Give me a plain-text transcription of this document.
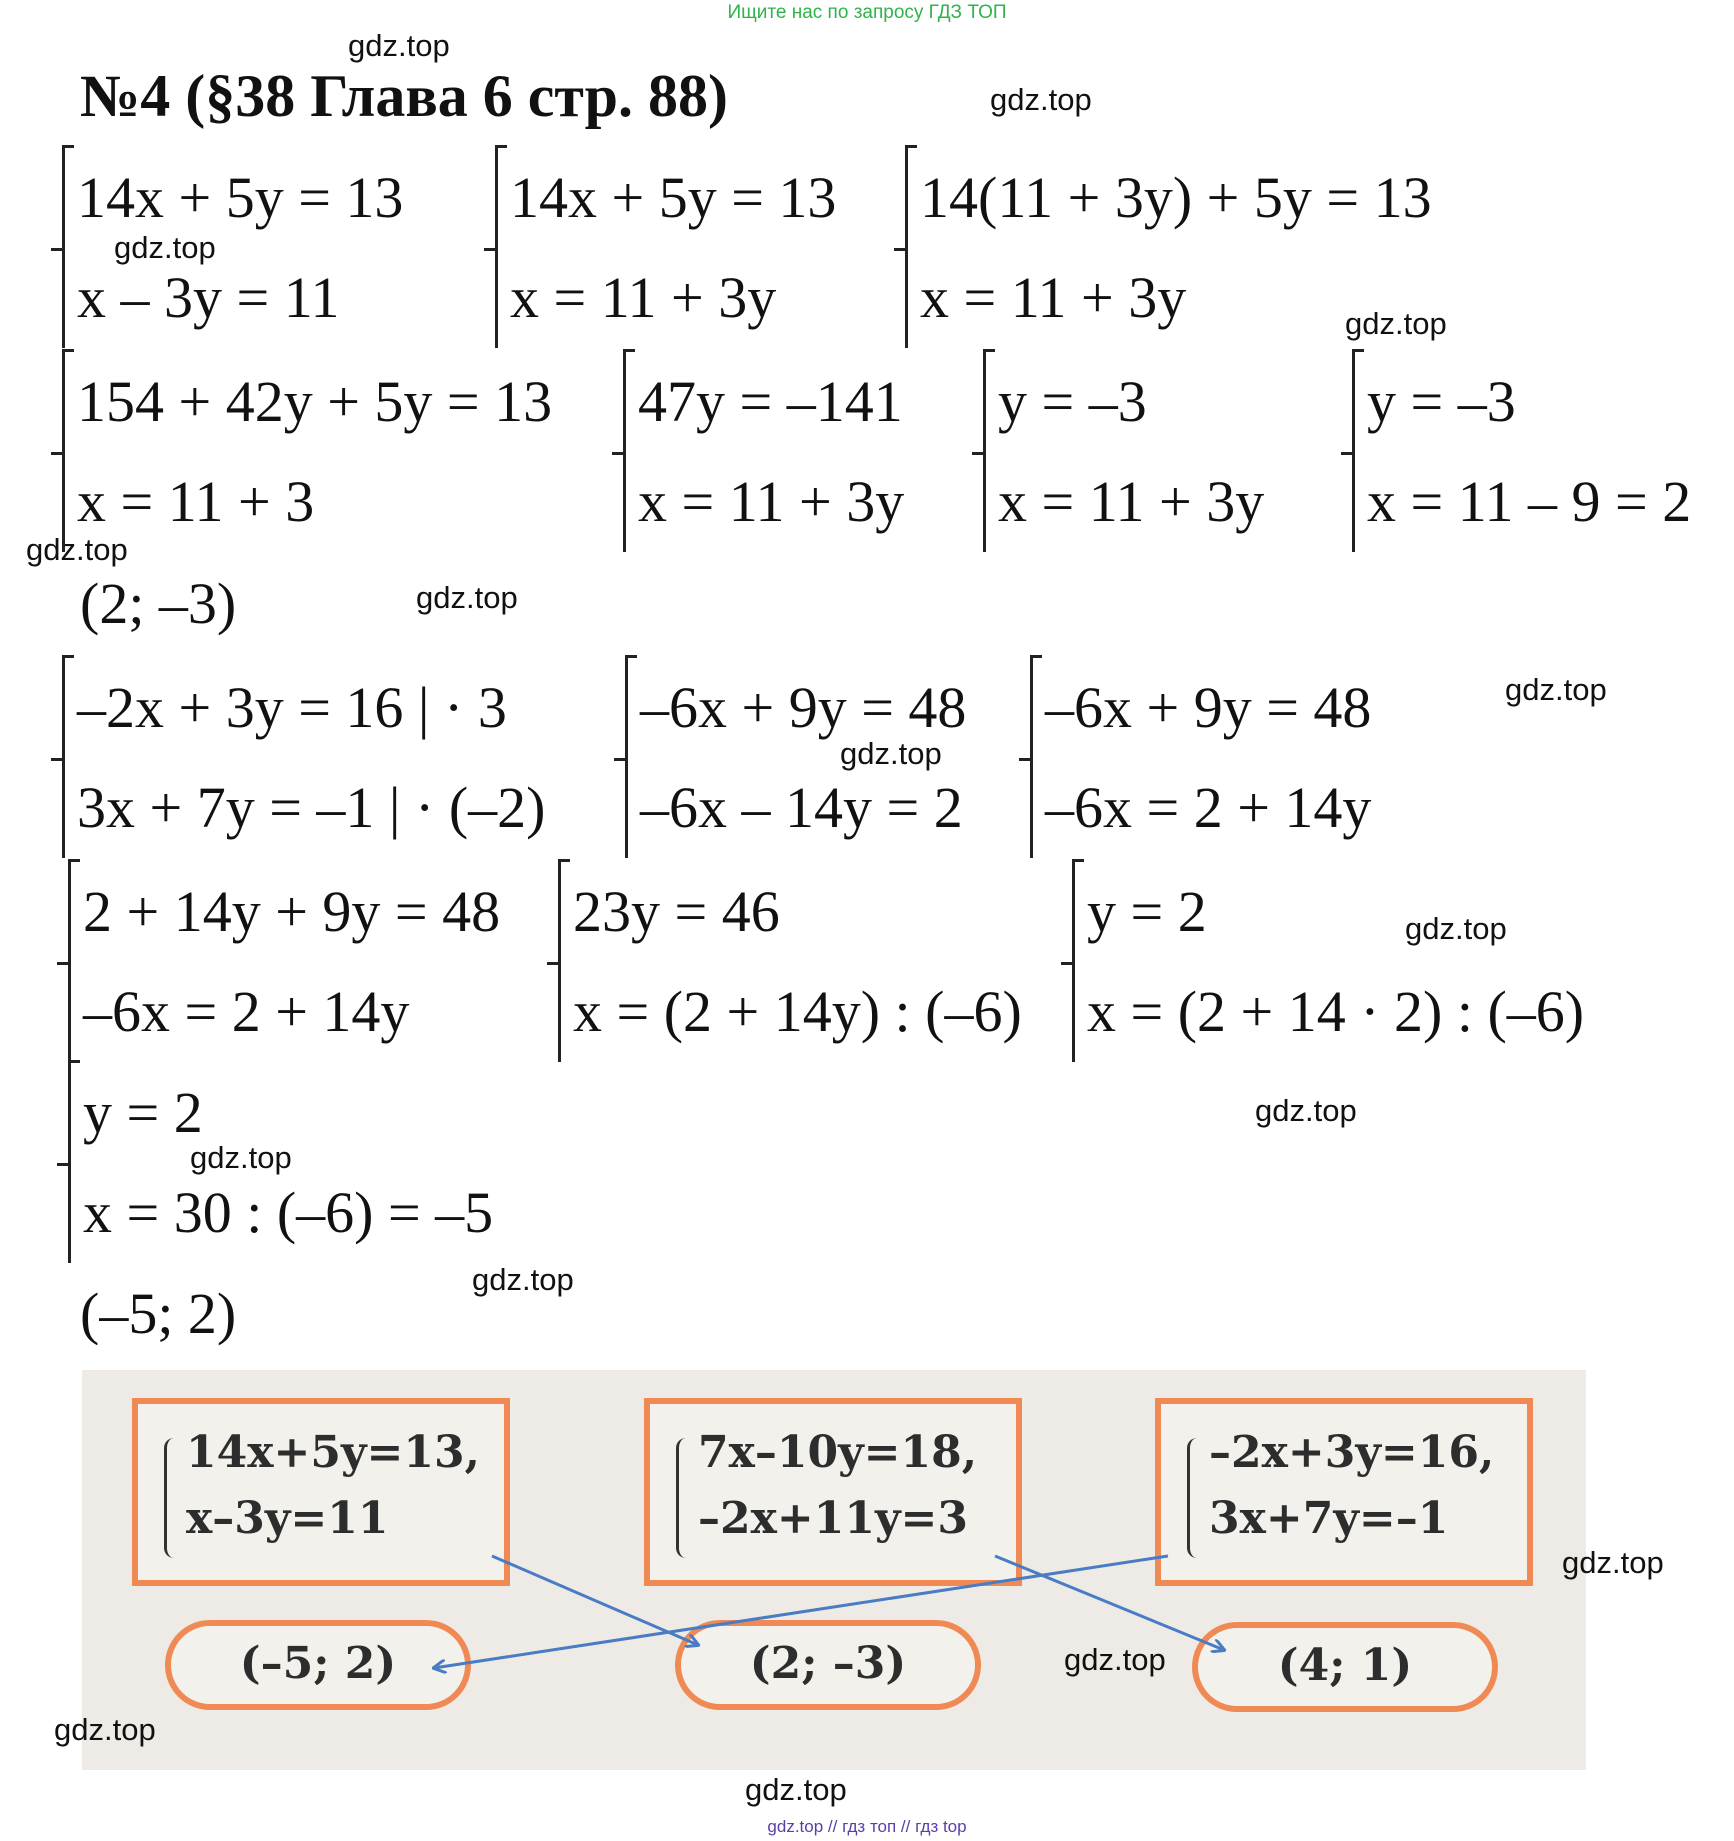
Ищите нас по запросу ГДЗ ТОП
№4 (§38 Глава 6 стр. 88)
gdz.top
gdz.top
gdz.top
gdz.top
gdz.top
gdz.top
gdz.top
gdz.top
gdz.top
gdz.top
14x + 5y = 13
x – 3y = 11
gdz.top
14x + 5y = 13
x = 11 + 3y
14(11 + 3y) + 5y = 13
x = 11 + 3y
154 + 42y + 5y = 13
x = 11 + 3
47y = –141
x = 11 + 3y
y = –3
x = 11 + 3y
y = –3
x = 11 – 9 = 2
(2; –3)
–2x + 3y = 16 | · 3
3x + 7y = –1 | · (–2)
–6x + 9y = 48
–6x – 14y = 2
–6x + 9y = 48
–6x = 2 + 14y
2 + 14y + 9y = 48
–6x = 2 + 14y
23y = 46
x = (2 + 14y) : (–6)
y = 2
x = (2 + 14 · 2) : (–6)
y = 2
x = 30 : (–6) = –5
gdz.top
(–5; 2)
14x+5y=13,
x–3y=11
7x–10y=18,
–2x+11y=3
–2x+3y=16,
3x+7y=–1
(–5; 2)	(2; –3)	(4; 1)
gdz.top
gdz.top
gdz.top
gdz.top
gdz.top // гдз топ // гдз top
